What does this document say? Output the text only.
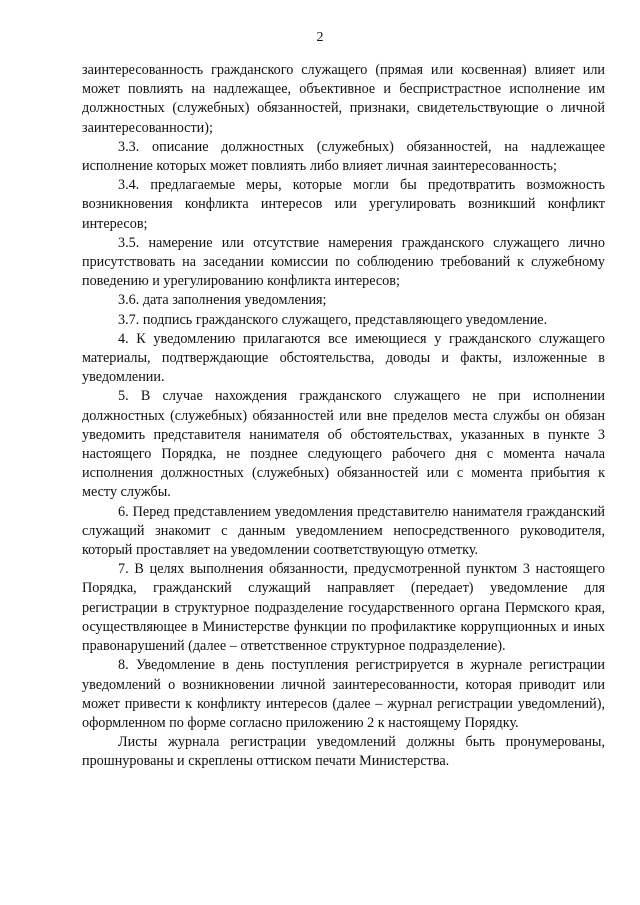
2

заинтересованность гражданского служащего (прямая или косвенная) влияет или может повлиять на надлежащее, объективное и беспристрастное исполнение им должностных (служебных) обязанностей, признаки, свидетельствующие о личной заинтересованности);

3.3. описание должностных (служебных) обязанностей, на надлежащее исполнение которых может повлиять либо влияет личная заинтересованность;

3.4. предлагаемые меры, которые могли бы предотвратить возможность возникновения конфликта интересов или урегулировать возникший конфликт интересов;

3.5. намерение или отсутствие намерения гражданского служащего лично присутствовать на заседании комиссии по соблюдению требований к служебному поведению и урегулированию конфликта интересов;

3.6. дата заполнения уведомления;

3.7. подпись гражданского служащего, представляющего уведомление.

4. К уведомлению прилагаются все имеющиеся у гражданского служащего материалы, подтверждающие обстоятельства, доводы и факты, изложенные в уведомлении.

5. В случае нахождения гражданского служащего не при исполнении должностных (служебных) обязанностей или вне пределов места службы он обязан уведомить представителя нанимателя об обстоятельствах, указанных в пункте 3 настоящего Порядка, не позднее следующего рабочего дня с момента начала исполнения должностных (служебных) обязанностей или с момента прибытия к месту службы.

6. Перед представлением уведомления представителю нанимателя гражданский служащий знакомит с данным уведомлением непосредственного руководителя, который проставляет на уведомлении соответствующую отметку.

7. В целях выполнения обязанности, предусмотренной пунктом 3 настоящего Порядка, гражданский служащий направляет (передает) уведомление для регистрации в структурное подразделение государственного органа Пермского края, осуществляющее в Министерстве функции по профилактике коррупционных и иных правонарушений (далее – ответственное структурное подразделение).

8. Уведомление в день поступления регистрируется в журнале регистрации уведомлений о возникновении личной заинтересованности, которая приводит или может привести к конфликту интересов (далее – журнал регистрации уведомлений), оформленном по форме согласно приложению 2 к настоящему Порядку.

Листы журнала регистрации уведомлений должны быть пронумерованы, прошнурованы и скреплены оттиском печати Министерства.
